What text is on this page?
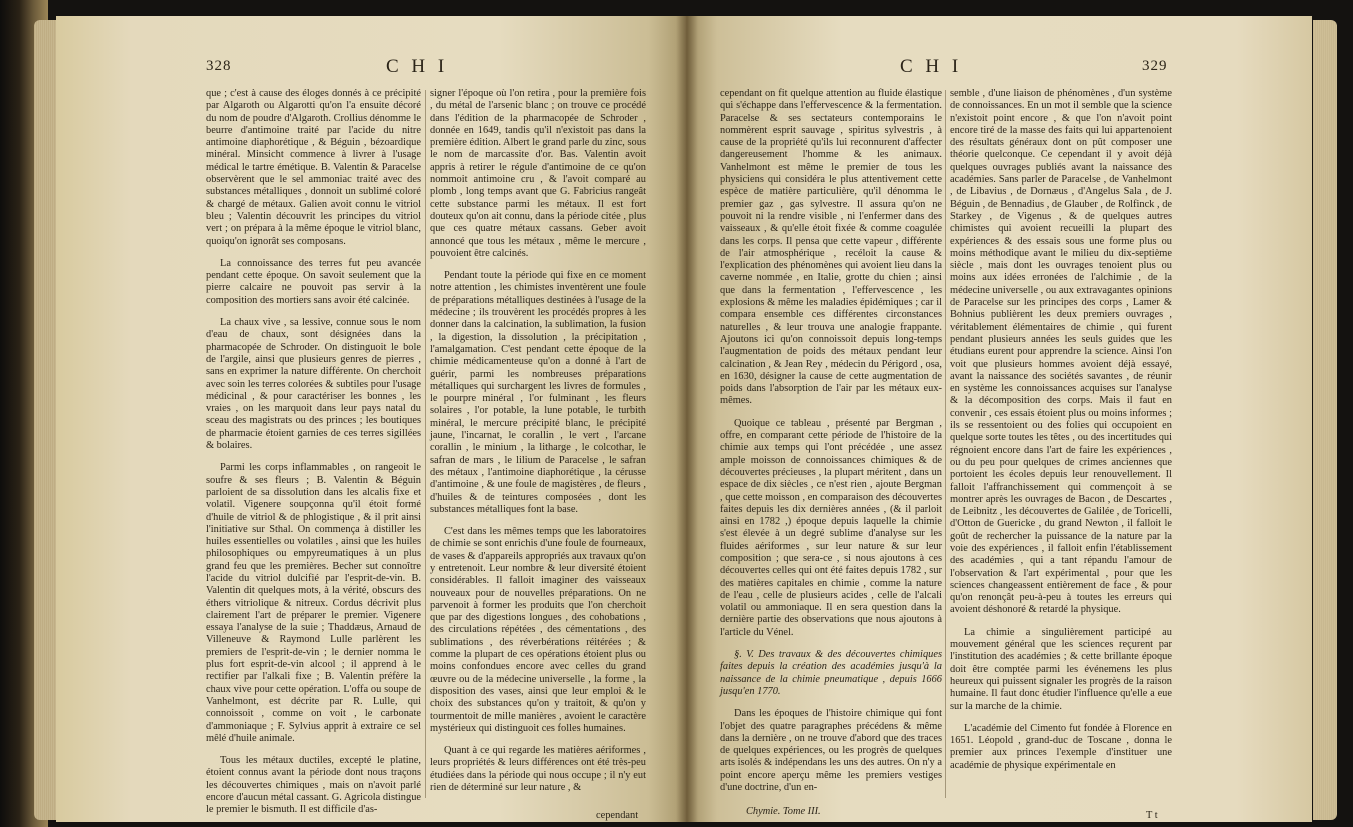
328	C H I

que ; c'est à cause des éloges donnés à ce précipité par Algaroth ou Algarotti qu'on l'a ensuite décoré du nom de poudre d'Algaroth. Crollius dénomme le beurre d'antimoine traité par l'acide du nitre antimoine diaphorétique , & Béguin , bézoardique minéral. Minsicht commence à livrer à l'usage médical le tartre émétique. B. Valentin & Paracelse observèrent que le sel ammoniac traité avec des substances métalliques , donnoit un sublimé coloré & chargé de métaux. Galien avoit connu le vitriol bleu ; Valentin découvrit les principes du vitriol vert ; on prépara à la même époque le vitriol blanc, quoiqu'on ignorât ses composans.

La connoissance des terres fut peu avancée pendant cette époque. On savoit seulement que la pierre calcaire ne pouvoit pas servir à la composition des mortiers sans avoir été calcinée.

La chaux vive , sa lessive, connue sous le nom d'eau de chaux, sont désignées dans la pharmacopée de Schroder. On distinguoit le bole de l'argile, ainsi que plusieurs genres de pierres , sans en exprimer la nature différente. On cherchoit avec soin les terres colorées & subtiles pour l'usage médicinal , & pour caractériser les bonnes , les vraies , on les marquoit dans leur pays natal du sceau des magistrats ou des princes ; les boutiques de pharmacie étoient garnies de ces terres sigillées & bolaires.

Parmi les corps inflammables , on rangeoit le soufre & ses fleurs ; B. Valentin & Béguin parloient de sa dissolution dans les alcalis fixe et volatil. Vigenere soupçonna qu'il étoit formé d'huile de vitriol & de phlogistique , & il prit ainsi l'initiative sur Sthal. On commença à distiller les huiles essentielles ou volatiles , ainsi que les huiles philosophiques ou empyreumatiques à un plus grand feu que les premières. Becher sut connoître l'acide du vitriol dulcifié par l'esprit-de-vin. B. Valentin dit quelques mots, à la vérité, obscurs des éthers vitriolique & nitreux. Cordus décrivit plus clairement l'art de préparer le premier. Vigenere essaya l'analyse de la suie ; Thaddæus, Arnaud de Villeneuve & Raymond Lulle parlèrent les premiers de l'esprit-de-vin ; le dernier nomma le plus fort esprit-de-vin alcool ; il apprend à le rectifier par l'alkali fixe ; B. Valentin préfère la chaux vive pour cette opération. L'offa ou soupe de Vanhelmont, est décrite par R. Lulle, qui connoissoit , comme on voit , le carbonate d'ammoniaque ; F. Sylvius apprit à extraire ce sel mêlé d'huile animale.

Tous les métaux ductiles, excepté le platine, étoient connus avant la période dont nous traçons les découvertes chimiques , mais on n'avoit parlé encore d'aucun métal cassant. G. Agricola distingue le premier le bismuth. Il est difficile d'as-

signer l'époque où l'on retira , pour la première fois , du métal de l'arsenic blanc ; on trouve ce procédé dans l'édition de la pharmacopée de Schroder , donnée en 1649, tandis qu'il n'existoit pas dans la première édition. Albert le grand parle du zinc, sous le nom de marcassite d'or. Bas. Valentin avoit appris à retirer le régule d'antimoine de ce qu'on nommoit antimoine cru , & l'avoit comparé au plomb , long temps avant que G. Fabricius rangeât cette substance parmi les métaux. Il est fort douteux qu'on ait connu, dans la période citée , plus que ces quatre métaux cassans. Geber avoit annoncé que tous les métaux , même le mercure , pouvoient être calcinés.

Pendant toute la période qui fixe en ce moment notre attention , les chimistes inventèrent une foule de préparations métalliques destinées à l'usage de la médecine ; ils trouvèrent les procédés propres à les donner dans la calcination, la sublimation, la fusion , la digestion, la dissolution , la précipitation , l'amalgamation. C'est pendant cette époque de la chimie médicamenteuse qu'on a donné à l'art de guérir, parmi les nombreuses préparations métalliques qui surchargent les livres de formules , le pourpre minéral , l'or fulminant , les fleurs solaires , l'or potable, la lune potable, le turbith minéral, le mercure précipité blanc, le précipité jaune, l'incarnat, le corallin , le vert , l'arcane corallin , le minium , la litharge , le colcothar, le safran de mars , le lilium de Paracelse , le safran des métaux , l'antimoine diaphorétique , la cérusse d'antimoine , & une foule de magistères , de fleurs , d'huiles & de teintures composées , dont les substances métalliques font la base.

C'est dans les mêmes temps que les laboratoires de chimie se sont enrichis d'une foule de fourneaux, de vases & d'appareils appropriés aux travaux qu'on y entretenoit. Leur nombre & leur diversité étoient considérables. Il falloit imaginer des vaisseaux nouveaux pour de nouvelles préparations. On ne parvenoit à former les produits que l'on cherchoit que par des digestions longues , des cohobations , des circulations répétées , des cémentations , des sublimations , des réverbérations réitérées ; & comme la plupart de ces opérations étoient plus ou moins confondues encore avec celles du grand œuvre ou de la médecine universelle , la forme , la disposition des vases, ainsi que leur emploi & le choix des substances qu'on y traitoit, & qu'on y tourmentoit de mille manières , avoient le caractère mystérieux qui distinguoit ces folles humaines.

Quant à ce qui regarde les matières aériformes , leurs propriétés & leurs différences ont été très-peu étudiées dans la période qui nous occupe ; il n'y eut rien de déterminé sur leur nature , &

cependant
C H I	329

cependant on fit quelque attention au fluide élastique qui s'échappe dans l'effervescence & la fermentation. Paracelse & ses sectateurs contemporains le nommèrent esprit sauvage , spiritus sylvestris , à cause de la propriété qu'ils lui reconnurent d'affecter dangereusement l'homme & les animaux. Vanhelmont est même le premier de tous les physiciens qui considéra le plus attentivement cette espèce de matière particulière, qu'il dénomma le premier gaz , gas sylvestre. Il assura qu'on ne pouvoit ni la rendre visible , ni l'enfermer dans des vaisseaux , & qu'elle étoit fixée & comme coagulée dans les corps. Il pensa que cette vapeur , différente de l'air atmosphérique , recéloit la cause & l'explication des phénomènes qui avoient lieu dans la caverne nommée , en Italie, grotte du chien ; ainsi que dans la fermentation , l'effervescence , les explosions & même les maladies épidémiques ; car il compara ensemble ces différentes circonstances naturelles , & leur trouva une analogie frappante. Ajoutons ici qu'on connoissoit depuis long-temps l'augmentation de poids des métaux pendant leur calcination , & Jean Rey , médecin du Périgord , osa, en 1630, désigner la cause de cette augmentation de poids dans l'absorption de l'air par les métaux eux-mêmes.

Quoique ce tableau , présenté par Bergman , offre, en comparant cette période de l'histoire de la chimie aux temps qui l'ont précédée , une assez ample moisson de connoissances chimiques & de découvertes précieuses , la plupart méritent , dans un espace de dix siècles , ce n'est rien , ajoute Bergman , que cette moisson , en comparaison des découvertes faites depuis les dix dernières années , (& il parloit ainsi en 1782 ,) époque depuis laquelle la chimie s'est élevée à un degré sublime d'analyse sur les fluides aériformes , sur leur nature & sur leur composition ; que sera-ce , si nous ajoutons à ces découvertes celles qui ont été faites depuis 1782 , sur des matières capitales en chimie , comme la nature de l'eau , celle de plusieurs acides , celle de l'alcali volatil ou ammoniaque. Il en sera question dans la dernière partie des observations que nous ajoutons à l'article du Vénel.

§. V. Des travaux & des découvertes chimiques faites depuis la création des académies jusqu'à la naissance de la chimie pneumatique , depuis 1666 jusqu'en 1770.

Dans les époques de l'histoire chimique qui font l'objet des quatre paragraphes précédens & même dans la dernière , on ne trouve d'abord que des traces de quelques expériences, ou les progrès de quelques arts isolés & indépendans les uns des autres. On n'y a point encore aperçu même les premiers vestiges d'une doctrine, d'un en-

semble , d'une liaison de phénomènes , d'un système de connoissances. En un mot il semble que la science n'existoit point encore , & que l'on n'avoit point encore tiré de la masse des faits qui lui appartenoient des résultats généraux dont on pût composer une théorie quelconque. Ce cependant il y avoit déjà quelques ouvrages publiés avant la naissance des académies. Sans parler de Paracelse , de Vanhelmont , de Libavius , de Dornæus , d'Angelus Sala , de J. Béguin , de Bennadius , de Glauber , de Rolfinck , de Starkey , de Vigenus , & de quelques autres chimistes qui avoient recueilli la plupart des expériences & des essais sous une forme plus ou moins méthodique avant le milieu du dix-septième siècle , mais dont les ouvrages tenoient plus ou moins aux idées erronées de l'alchimie , de la médecine universelle , ou aux extravagantes opinions de Paracelse sur les principes des corps , Lamer & Bohnius publièrent les deux premiers ouvrages , véritablement élémentaires de chimie , qui furent pendant plusieurs années les seuls guides que les étudians eurent pour apprendre la science. Ainsi l'on voit que plusieurs hommes avoient déjà essayé, avant la naissance des sociétés savantes , de réunir en système les connoissances acquises sur l'analyse & la décomposition des corps. Mais il faut en convenir , ces essais étoient plus ou moins informes ; ils se ressentoient ou des folies qui occupoient en quelque sorte toutes les têtes , ou des incertitudes qui régnoient encore dans l'art de faire les expériences , ou du peu pour quelques de crimes anciennes que portoient les écoles depuis leur renouvellement. Il falloit l'affranchissement qui commençoit à se montrer après les ouvrages de Bacon , de Descartes , de Leibnitz , les découvertes de Galilée , de Toricelli, d'Otton de Guericke , du grand Newton , il falloit le goût de rechercher la puissance de la nature par la voie des expériences , il falloit enfin l'établissement des académies , qui a tant répandu l'amour de l'observation & l'art expérimental , pour que les sciences changeassent entièrement de face , & pour qu'on renonçât peu-à-peu à toutes les erreurs qui avoient déshonoré & retardé la physique.

La chimie a singulièrement participé au mouvement général que les sciences reçurent par l'institution des académies ; & cette brillante époque doit être comptée parmi les événemens les plus heureux qui puissent signaler les progrès de la raison humaine. Il faut donc étudier l'influence qu'elle a eue sur la marche de la chimie.

L'académie del Cimento fut fondée à Florence en 1651. Léopold , grand-duc de Toscane , donna le premier aux princes l'exemple d'instituer une académie de physique expérimentale en

Chymie. Tome III.	T t
